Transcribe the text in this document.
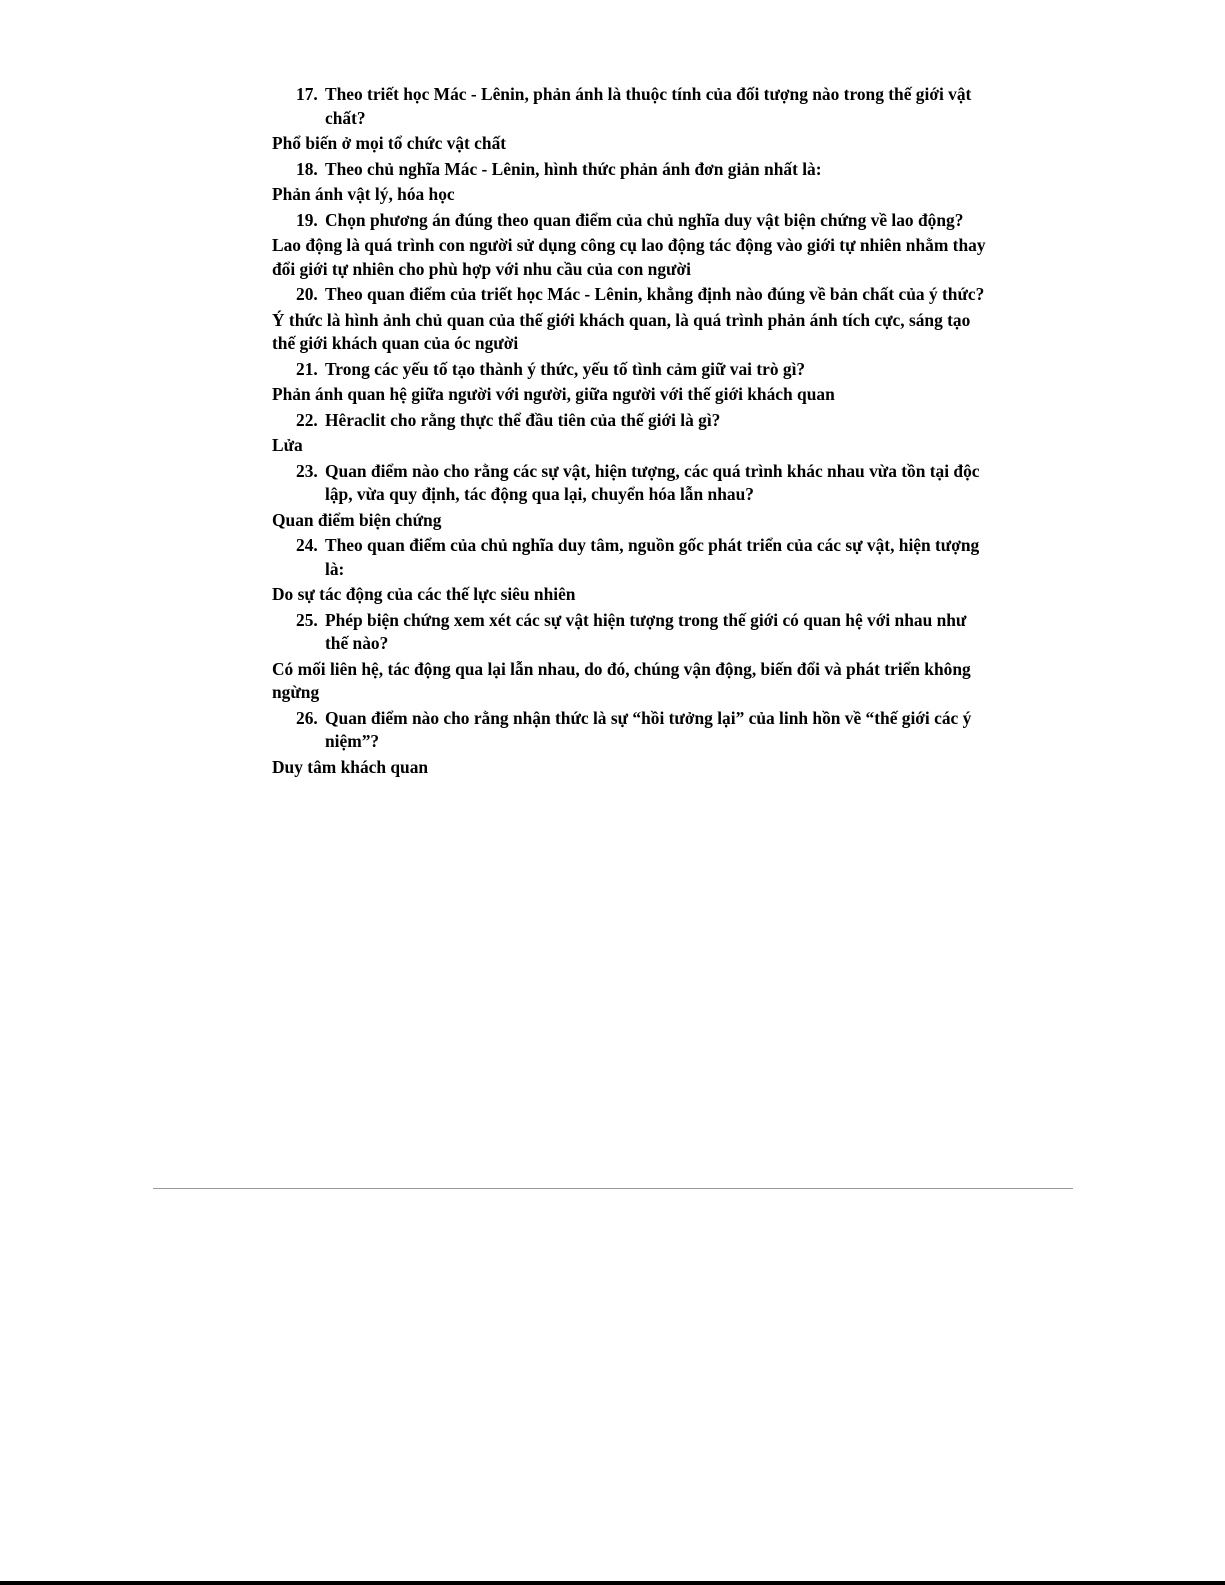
17. Theo triết học Mác - Lênin, phản ánh là thuộc tính của đối tượng nào trong thế giới vật chất?
Phổ biến ở mọi tổ chức vật chất
18. Theo chủ nghĩa Mác - Lênin, hình thức phản ánh đơn giản nhất là:
Phản ánh vật lý, hóa học
19. Chọn phương án đúng theo quan điểm của chủ nghĩa duy vật biện chứng về lao động?
Lao động là quá trình con người sử dụng công cụ lao động tác động vào giới tự nhiên nhằm thay đổi giới tự nhiên cho phù hợp với nhu cầu của con người
20. Theo quan điểm của triết học Mác - Lênin, khẳng định nào đúng về bản chất của ý thức?
Ý thức là hình ảnh chủ quan của thế giới khách quan, là quá trình phản ánh tích cực, sáng tạo thế giới khách quan của óc người
21. Trong các yếu tố tạo thành ý thức, yếu tố tình cảm giữ vai trò gì?
Phản ánh quan hệ giữa người với người, giữa người với thế giới khách quan
22. Hêraclit cho rằng thực thể đầu tiên của thế giới là gì?
Lửa
23. Quan điểm nào cho rằng các sự vật, hiện tượng, các quá trình khác nhau vừa tồn tại độc lập, vừa quy định, tác động qua lại, chuyển hóa lẫn nhau?
Quan điểm biện chứng
24. Theo quan điểm của chủ nghĩa duy tâm, nguồn gốc phát triển của các sự vật, hiện tượng là:
Do sự tác động của các thế lực siêu nhiên
25. Phép biện chứng xem xét các sự vật hiện tượng trong thế giới có quan hệ với nhau như thế nào?
Có mối liên hệ, tác động qua lại lẫn nhau, do đó, chúng vận động, biến đổi và phát triển không ngừng
26. Quan điểm nào cho rằng nhận thức là sự “hồi tưởng lại” của linh hồn về “thế giới các ý niệm”?
Duy tâm khách quan
